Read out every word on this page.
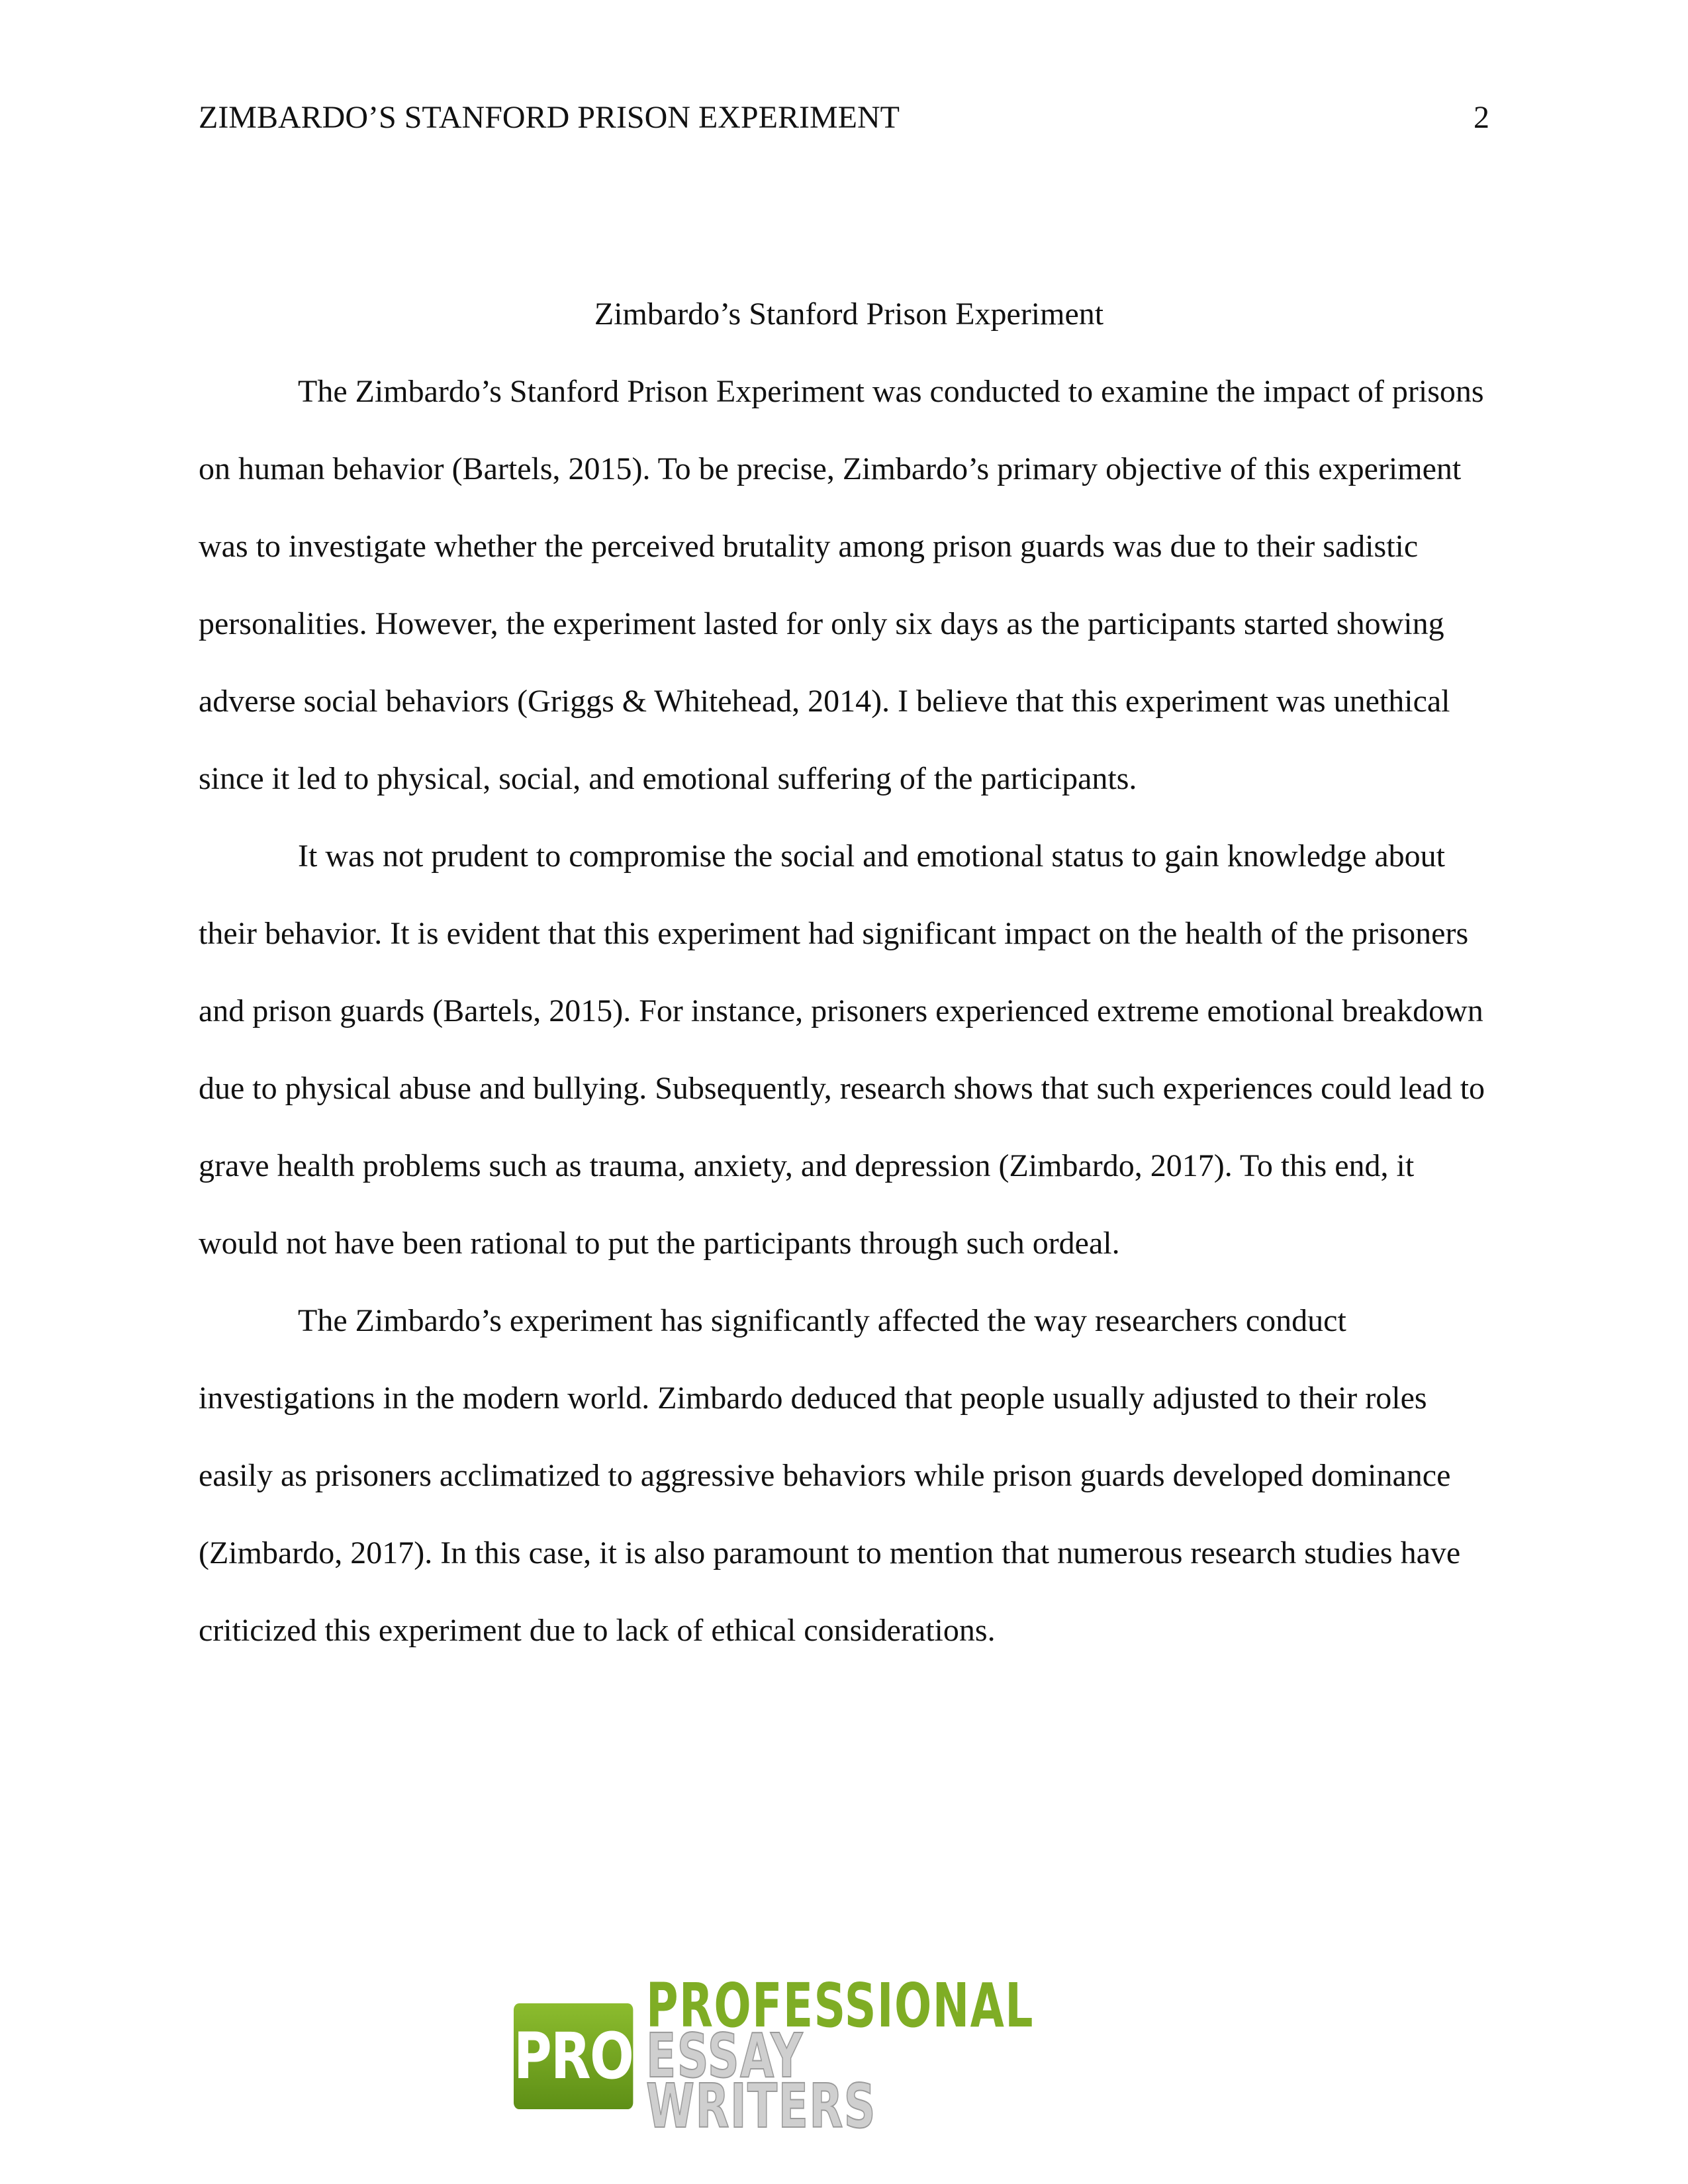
ZIMBARDO’S STANFORD PRISON EXPERIMENT	2

Zimbardo’s Stanford Prison Experiment

The Zimbardo’s Stanford Prison Experiment was conducted to examine the impact of prisons on human behavior (Bartels, 2015). To be precise, Zimbardo’s primary objective of this experiment was to investigate whether the perceived brutality among prison guards was due to their sadistic personalities. However, the experiment lasted for only six days as the participants started showing adverse social behaviors (Griggs & Whitehead, 2014). I believe that this experiment was unethical since it led to physical, social, and emotional suffering of the participants.

It was not prudent to compromise the social and emotional status to gain knowledge about their behavior. It is evident that this experiment had significant impact on the health of the prisoners and prison guards (Bartels, 2015). For instance, prisoners experienced extreme emotional breakdown due to physical abuse and bullying. Subsequently, research shows that such experiences could lead to grave health problems such as trauma, anxiety, and depression (Zimbardo, 2017). To this end, it would not have been rational to put the participants through such ordeal.

The Zimbardo’s experiment has significantly affected the way researchers conduct investigations in the modern world. Zimbardo deduced that people usually adjusted to their roles easily as prisoners acclimatized to aggressive behaviors while prison guards developed dominance (Zimbardo, 2017). In this case, it is also paramount to mention that numerous research studies have criticized this experiment due to lack of ethical considerations.

PRO
PROFESSIONAL
ESSAY WRITERS
